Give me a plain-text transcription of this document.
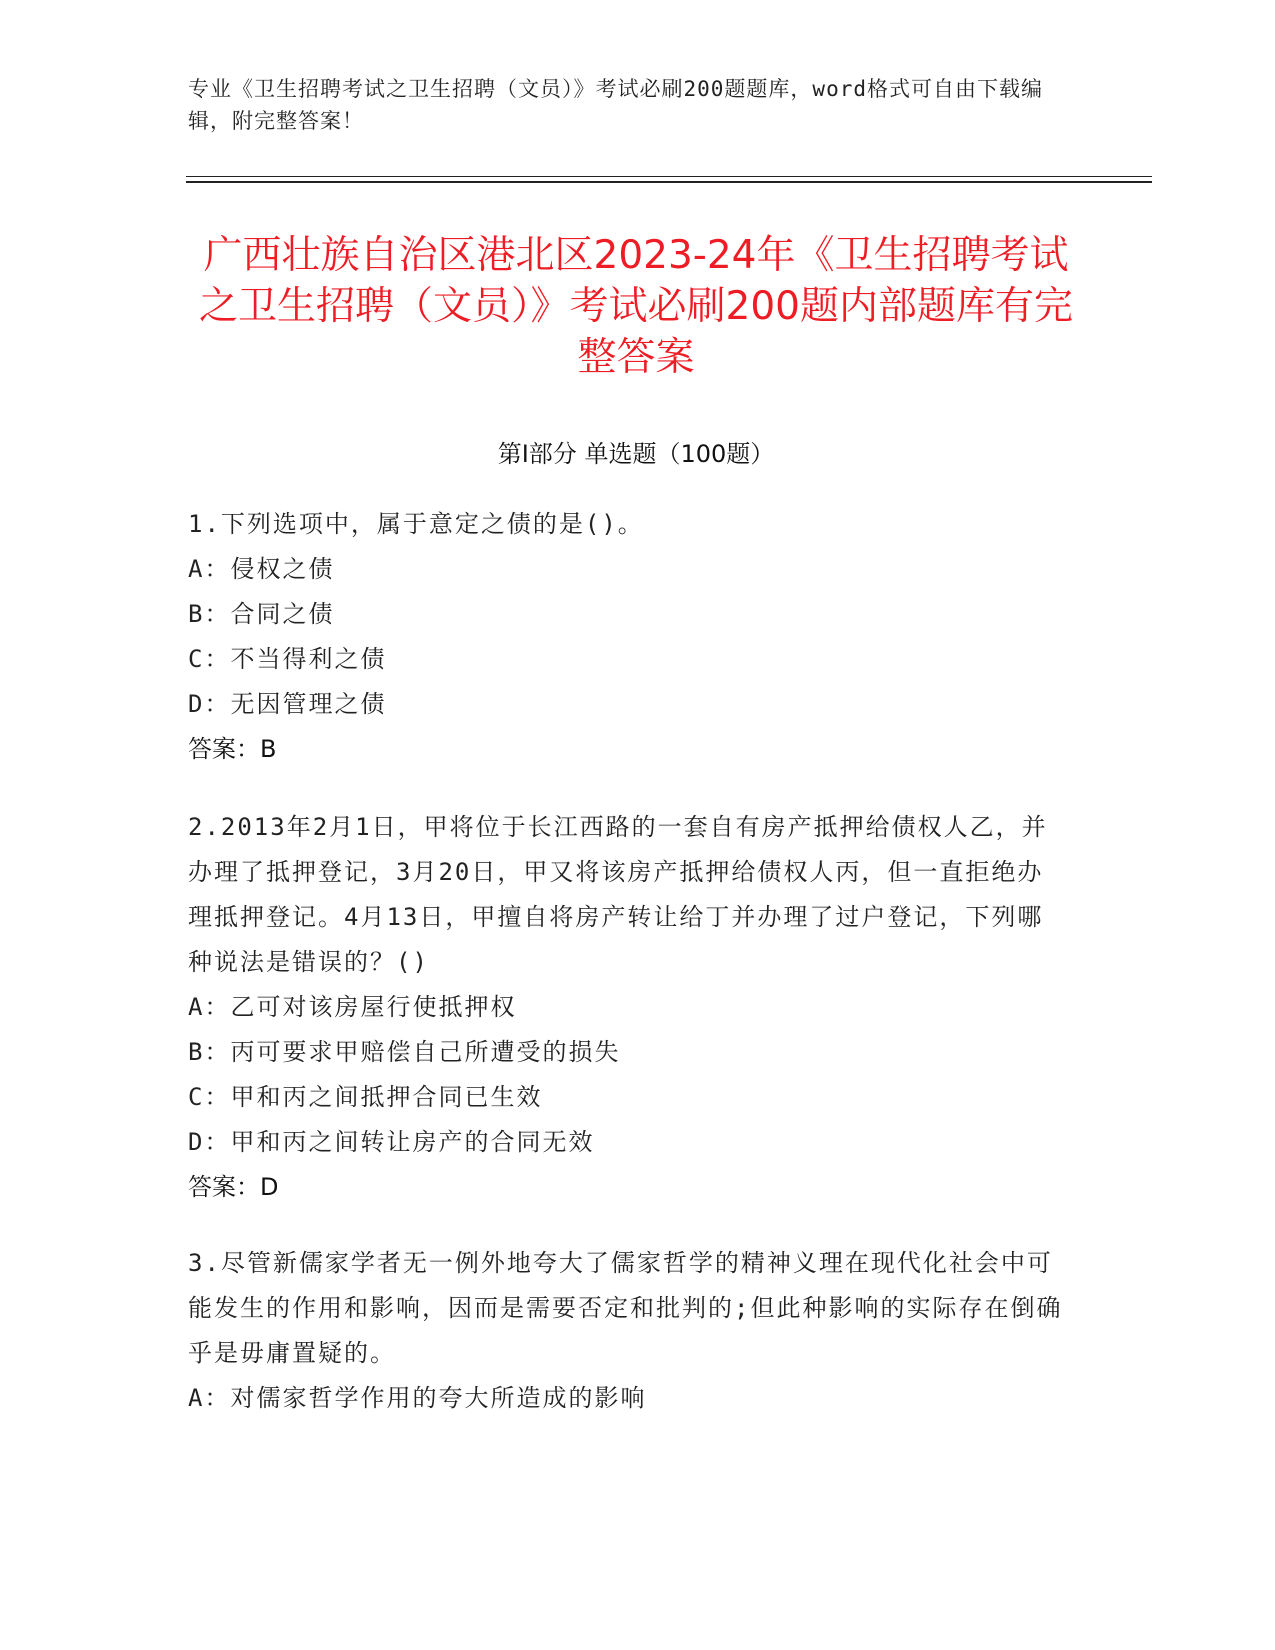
专业《卫生招聘考试之卫生招聘（文员）》考试必刷200题题库，word格式可自由下载编辑，附完整答案！
广西壮族自治区港北区2023-24年《卫生招聘考试之卫生招聘（文员）》考试必刷200题内部题库有完整答案
第Ⅰ部分 单选题（100题）
1.下列选项中，属于意定之债的是()。
A：侵权之债
B：合同之债
C：不当得利之债
D：无因管理之债
答案：B
2.2013年2月1日，甲将位于长江西路的一套自有房产抵押给债权人乙，并办理了抵押登记，3月20日，甲又将该房产抵押给债权人丙，但一直拒绝办理抵押登记。4月13日，甲擅自将房产转让给丁并办理了过户登记，下列哪种说法是错误的？()
A：乙可对该房屋行使抵押权
B：丙可要求甲赔偿自己所遭受的损失
C：甲和丙之间抵押合同已生效
D：甲和丙之间转让房产的合同无效
答案：D
3.尽管新儒家学者无一例外地夸大了儒家哲学的精神义理在现代化社会中可能发生的作用和影响，因而是需要否定和批判的;但此种影响的实际存在倒确乎是毋庸置疑的。
A：对儒家哲学作用的夸大所造成的影响
